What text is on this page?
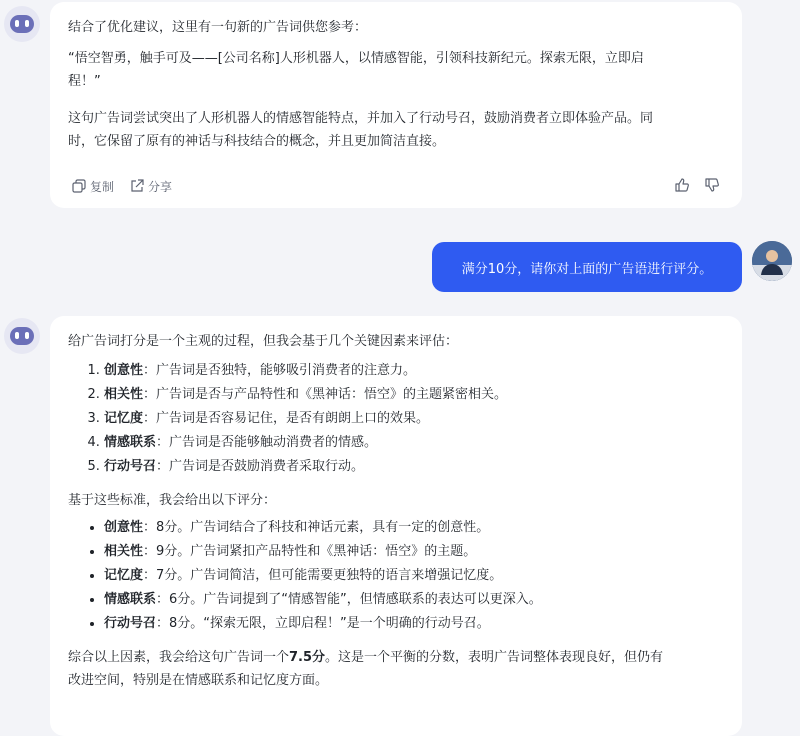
结合了优化建议，这里有一句新的广告词供您参考：

“悟空智勇，触手可及——[公司名称]人形机器人，以情感智能，引领科技新纪元。探索无限，立即启

程！”

这句广告词尝试突出了人形机器人的情感智能特点，并加入了行动号召，鼓励消费者立即体验产品。同

时，它保留了原有的神话与科技结合的概念，并且更加简洁直接。

复制	分享
满分10分，请你对上面的广告语进行评分。

给广告词打分是一个主观的过程，但我会基于几个关键因素来评估：

1. 创意性：广告词是否独特，能够吸引消费者的注意力。
2. 相关性：广告词是否与产品特性和《黑神话：悟空》的主题紧密相关。
3. 记忆度：广告词是否容易记住，是否有朗朗上口的效果。
4. 情感联系：广告词是否能够触动消费者的情感。
5. 行动号召：广告词是否鼓励消费者采取行动。

基于这些标准，我会给出以下评分：

• 创意性：8分。广告词结合了科技和神话元素，具有一定的创意性。
• 相关性：9分。广告词紧扣产品特性和《黑神话：悟空》的主题。
• 记忆度：7分。广告词简洁，但可能需要更独特的语言来增强记忆度。
• 情感联系：6分。广告词提到了“情感智能”，但情感联系的表达可以更深入。
• 行动号召：8分。“探索无限，立即启程！”是一个明确的行动号召。

综合以上因素，我会给这句广告词一个7.5分。这是一个平衡的分数，表明广告词整体表现良好，但仍有

改进空间，特别是在情感联系和记忆度方面。
